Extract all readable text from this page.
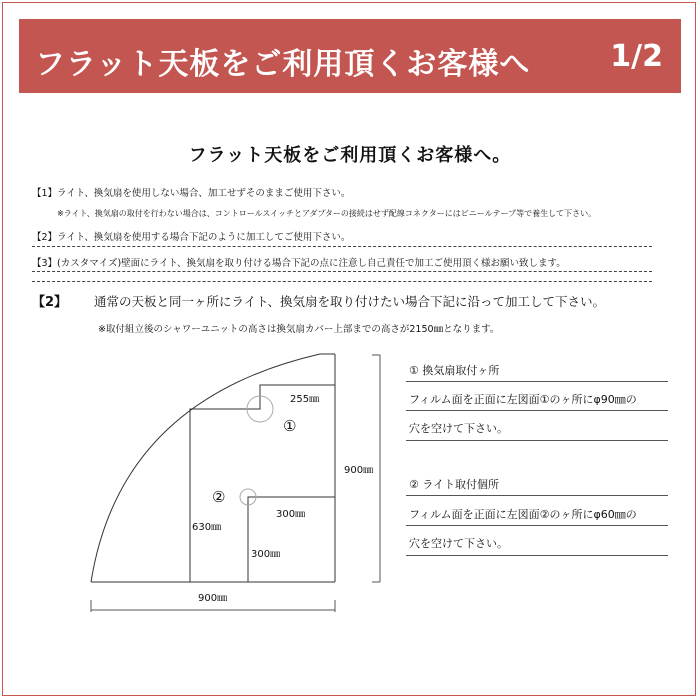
フラット天板をご利用頂くお客様へ	1/2
フラット天板をご利用頂くお客様へ。
【1】ライト、換気扇を使用しない場合、加工せずそのままご使用下さい。
※ライト、換気扇の取付を行わない場合は、コントロールスイッチとアダプターの接続はせず配線コネクターにはビニールテープ等で養生して下さい。
【2】ライト、換気扇を使用する場合下記のように加工してご使用下さい。
【3】(カスタマイズ)壁面にライト、換気扇を取り付ける場合下記の点に注意し自己責任で加工ご使用頂く様お願い致します。
【2】 通常の天板と同一ヶ所にライト、換気扇を取り付けたい場合下記に沿って加工して下さい。
※取付組立後のシャワーユニットの高さは換気扇カバー上部までの高さが2150㎜となります。
255㎜
300㎜
300㎜
630㎜
900㎜
900㎜
①
②
① 換気扇取付ヶ所
フィルム面を正面に左図面①のヶ所にφ90㎜の
穴を空けて下さい。
② ライト取付個所
フィルム面を正面に左図面②のヶ所にφ60㎜の
穴を空けて下さい。
